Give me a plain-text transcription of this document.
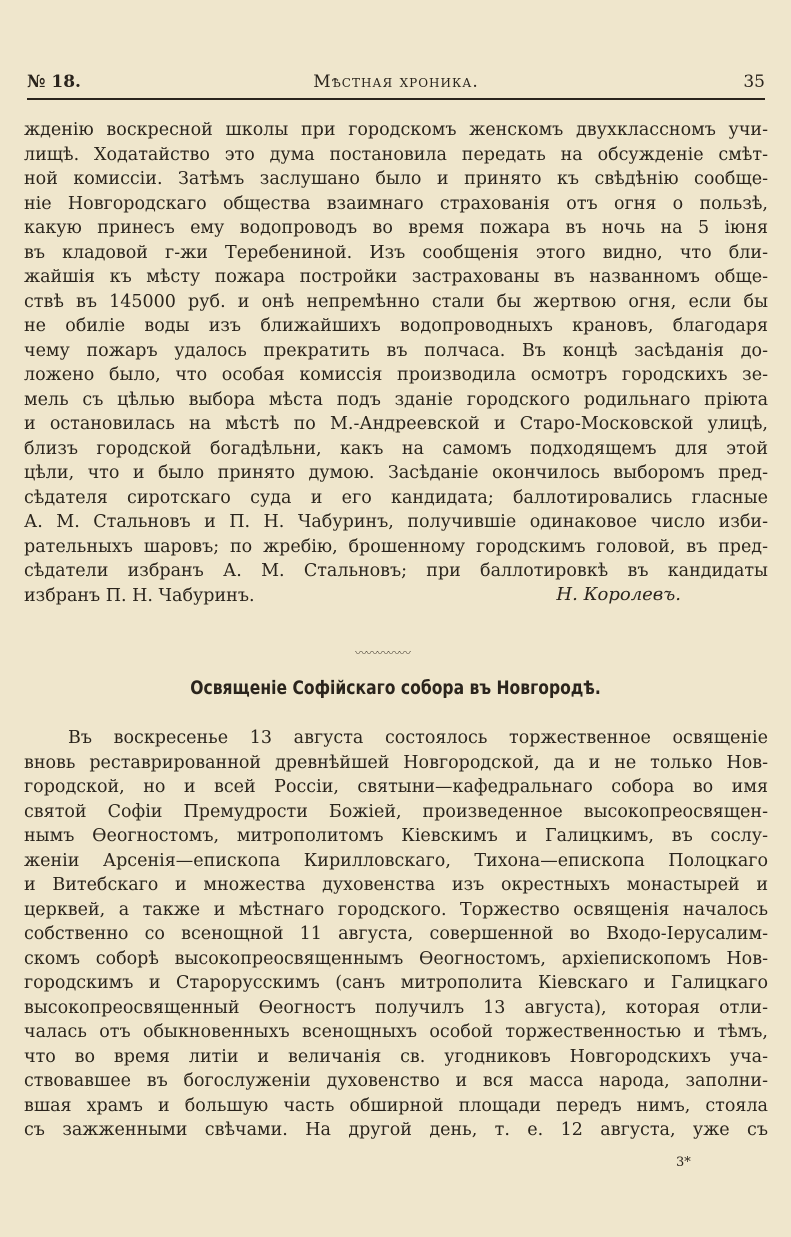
№ 18.	Мѣстная хроника.	35
жденію воскресной школы при городскомъ женскомъ двухклассномъ учи-
лищѣ. Ходатайство это дума постановила передать на обсужденіе смѣт-
ной комиссіи. Затѣмъ заслушано было и принято къ свѣдѣнію сообще-
ніе Новгородскаго общества взаимнаго страхованія отъ огня о пользѣ,
какую принесъ ему водопроводъ во время пожара въ ночь на 5 іюня
въ кладовой г-жи Теребениной. Изъ сообщенія этого видно, что бли-
жайшія къ мѣсту пожара постройки застрахованы въ названномъ обще-
ствѣ въ 145000 руб. и онѣ непремѣнно стали бы жертвою огня, если бы
не обиліе воды изъ ближайшихъ водопроводныхъ крановъ, благодаря
чему пожаръ удалось прекратить въ полчаса. Въ концѣ засѣданія до-
ложено было, что особая комиссія производила осмотръ городскихъ зе-
мель съ цѣлью выбора мѣста подъ зданіе городского родильнаго пріюта
и остановилась на мѣстѣ по М.-Андреевской и Старо-Московской улицѣ,
близъ городской богадѣльни, какъ на самомъ подходящемъ для этой
цѣли, что и было принято думою. Засѣданіе окончилось выборомъ пред-
сѣдателя сиротскаго суда и его кандидата; баллотировались гласные
А. М. Стальновъ и П. Н. Чабуринъ, получившіе одинаковое число изби-
рательныхъ шаровъ; по жребію, брошенному городскимъ головой, въ пред-
сѣдатели избранъ А. М. Стальновъ; при баллотировкѣ въ кандидаты
избранъ П. Н. Чабуринъ.	Н. Королевъ.
〰〰〰〰〰
Освященіе Софійскаго собора въ Новгородѣ.
Въ воскресенье 13 августа состоялось торжественное освященіе
вновь реставрированной древнѣйшей Новгородской, да и не только Нов-
городской, но и всей Россіи, святыни—кафедральнаго собора во имя
святой Софіи Премудрости Божіей, произведенное высокопреосвящен-
нымъ Ѳеогностомъ, митрополитомъ Кіевскимъ и Галицкимъ, въ сослу-
женіи Арсенія—епископа Кирилловскаго, Тихона—епископа Полоцкаго
и Витебскаго и множества духовенства изъ окрестныхъ монастырей и
церквей, а также и мѣстнаго городского. Торжество освященія началось
собственно со всенощной 11 августа, совершенной во Входо-Іерусалим-
скомъ соборѣ высокопреосвященнымъ Ѳеогностомъ, архіепископомъ Нов-
городскимъ и Старорусскимъ (санъ митрополита Кіевскаго и Галицкаго
высокопреосвященный Ѳеогностъ получилъ 13 августа), которая отли-
чалась отъ обыкновенныхъ всенощныхъ особой торжественностью и тѣмъ,
что во время литіи и величанія св. угодниковъ Новгородскихъ уча-
ствовавшее въ богослуженіи духовенство и вся масса народа, заполни-
вшая храмъ и большую часть обширной площади передъ нимъ, стояла
съ зажженными свѣчами. На другой день, т. е. 12 августа, уже съ
3*
